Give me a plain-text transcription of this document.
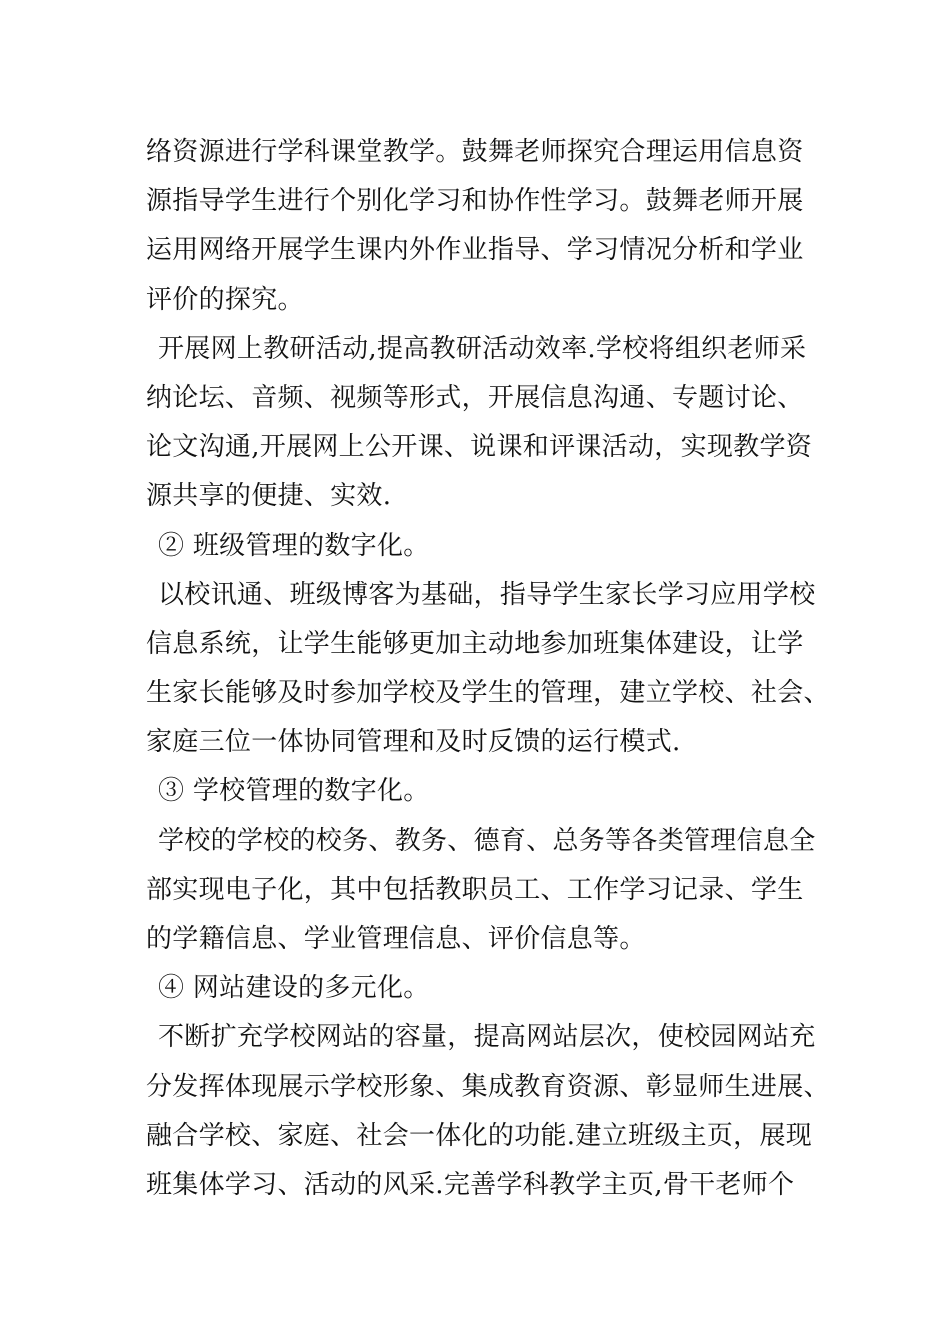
络资源进行学科课堂教学。鼓舞老师探究合理运用信息资
源指导学生进行个别化学习和协作性学习。鼓舞老师开展
运用网络开展学生课内外作业指导、学习情况分析和学业
评价的探究。
开展网上教研活动,提高教研活动效率.学校将组织老师采
纳论坛、音频、视频等形式，开展信息沟通、专题讨论、
论文沟通,开展网上公开课、说课和评课活动，实现教学资
源共享的便捷、实效.
② 班级管理的数字化。
以校讯通、班级博客为基础，指导学生家长学习应用学校
信息系统，让学生能够更加主动地参加班集体建设，让学
生家长能够及时参加学校及学生的管理，建立学校、社会、
家庭三位一体协同管理和及时反馈的运行模式.
③ 学校管理的数字化。
学校的学校的校务、教务、德育、总务等各类管理信息全
部实现电子化，其中包括教职员工、工作学习记录、学生
的学籍信息、学业管理信息、评价信息等。
④ 网站建设的多元化。
不断扩充学校网站的容量，提高网站层次，使校园网站充
分发挥体现展示学校形象、集成教育资源、彰显师生进展、
融合学校、家庭、社会一体化的功能.建立班级主页，展现
班集体学习、活动的风采.完善学科教学主页,骨干老师个
